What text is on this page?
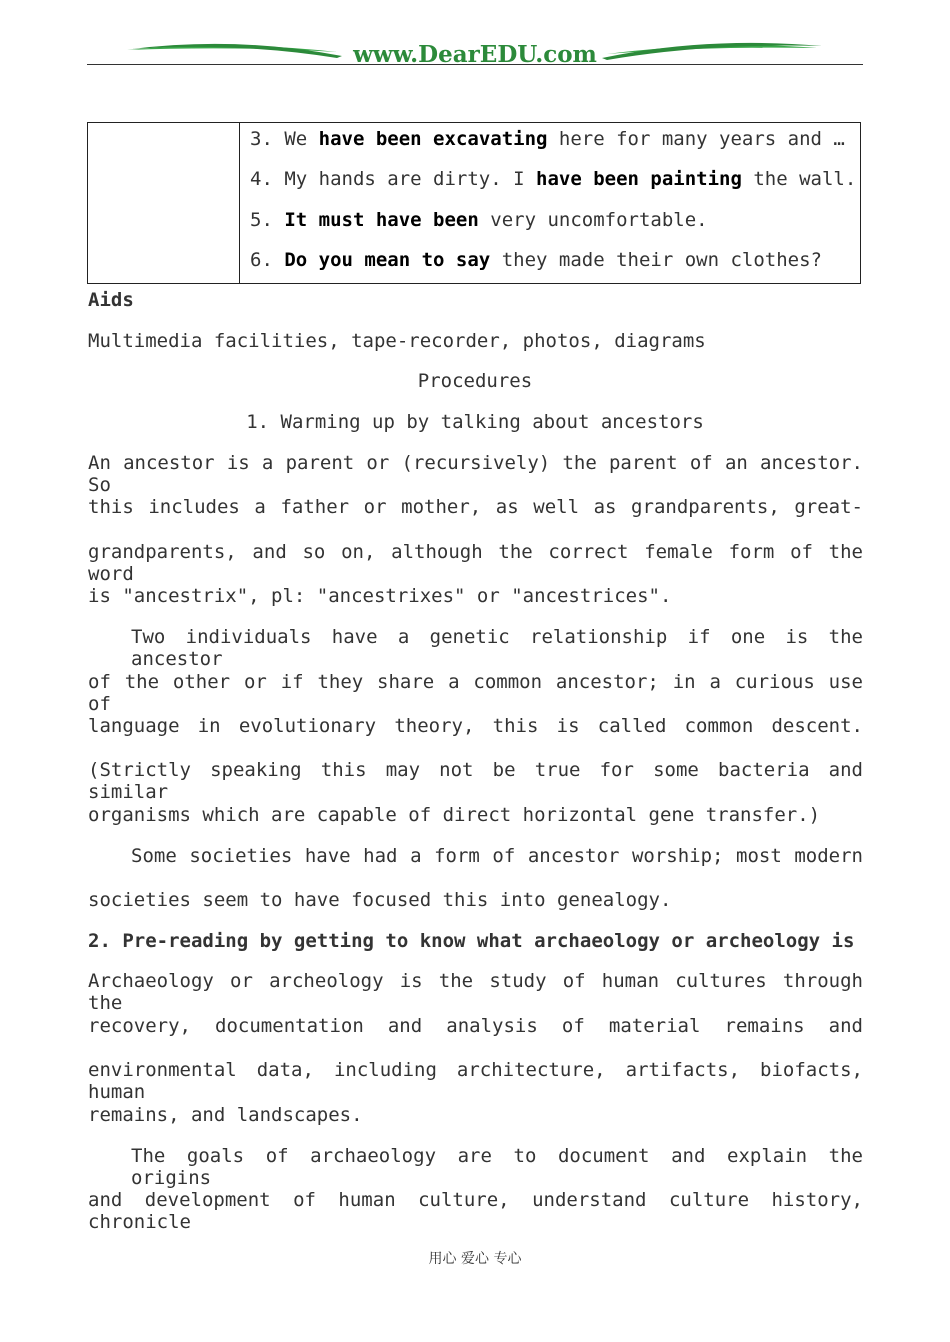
www.DearEDU.com
3. We have been excavating here for many years and …
4. My hands are dirty. I have been painting the wall.
5. It must have been very uncomfortable.
6. Do you mean to say they made their own clothes?
Aids
Multimedia facilities, tape-recorder, photos, diagrams
Procedures
1. Warming up by talking about ancestors
An ancestor is a parent or (recursively) the parent of an ancestor. So
this includes a father or mother, as well as grandparents, great-
grandparents, and so on, although the correct female form of the word
is "ancestrix", pl: "ancestrixes" or "ancestrices".
Two individuals have a genetic relationship if one is the ancestor
of the other or if they share a common ancestor; in a curious use of
language in evolutionary theory, this is called common descent.
(Strictly speaking this may not be true for some bacteria and similar
organisms which are capable of direct horizontal gene transfer.)
Some societies have had a form of ancestor worship; most modern
societies seem to have focused this into genealogy.
2. Pre-reading by getting to know what archaeology or archeology is
Archaeology or archeology is the study of human cultures through the
recovery, documentation and analysis of material remains and
environmental data, including architecture, artifacts, biofacts, human
remains, and landscapes.
The goals of archaeology are to document and explain the origins
and development of human culture, understand culture history, chronicle
用心 爱心 专心
